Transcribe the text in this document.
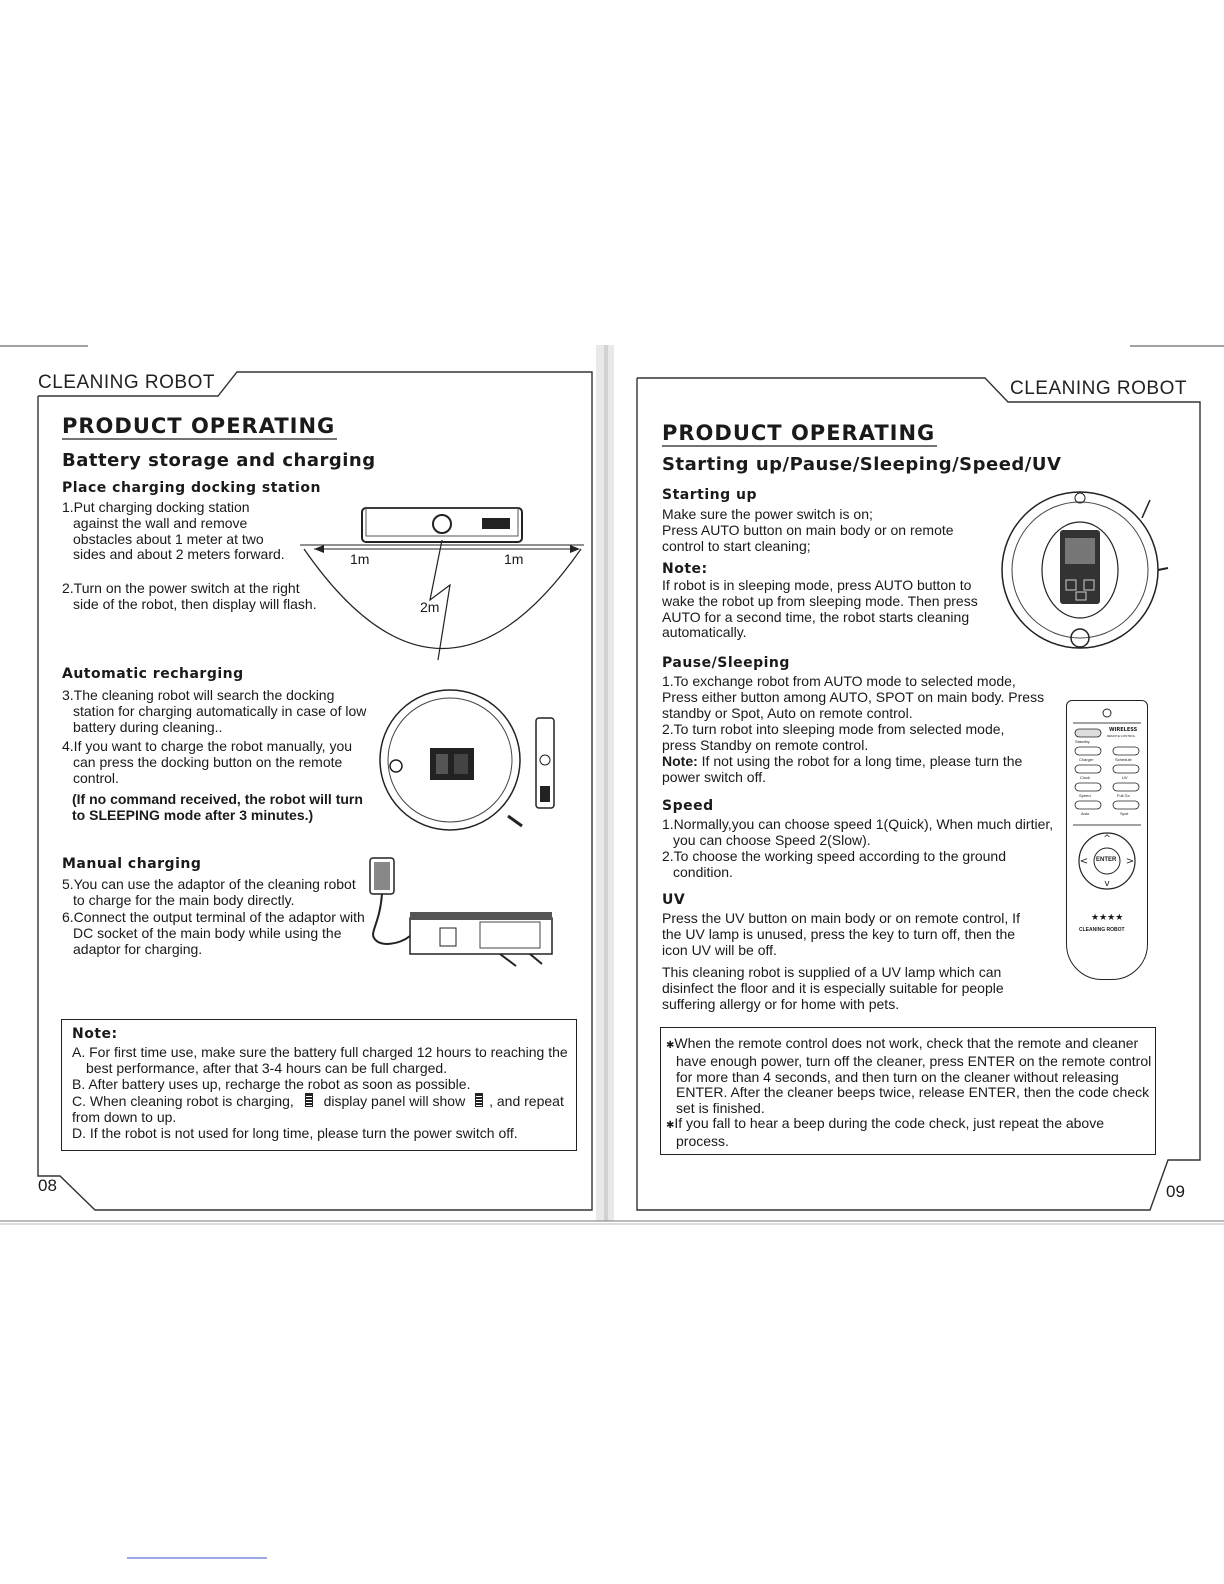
CLEANING ROBOT
PRODUCT OPERATING
Battery storage and charging
Place charging docking station
1.Put charging docking station against the wall and remove obstacles about 1 meter at two sides and about 2 meters forward.
2.Turn on the power switch at the right side of the robot, then display will flash.
1m	1m
2m
Automatic recharging
3.The cleaning robot will search the docking station for charging automatically in case of low battery during cleaning..
4.If you want to charge the robot manually, you can press the docking button on the remote control.
(If no command received, the robot will turn to SLEEPING mode after 3 minutes.)
Manual charging
5.You can use the adaptor of the cleaning robot to charge for the main body directly.
6.Connect the output terminal of the adaptor with DC socket of the main body while using the adaptor for charging.
Note:
A. For first time use, make sure the battery full charged 12 hours to reaching the best performance, after that 3-4 hours can be full charged.
B. After battery uses up, recharge the robot as soon as possible.
C. When cleaning robot is charging, display panel will show , and repeat from down to up.
D. If the robot is not used for long time, please turn the power switch off.
08
CLEANING ROBOT
PRODUCT OPERATING
Starting up/Pause/Sleeping/Speed/UV
Starting up
Make sure the power switch is on;
Press AUTO button on main body or on remote control to start cleaning;
Note:
If robot is in sleeping mode, press AUTO button to wake the robot up from sleeping mode. Then press AUTO for a second time, the robot starts cleaning automatically.
Pause/Sleeping
1.To exchange robot from AUTO mode to selected mode, Press either button among AUTO, SPOT on main body. Press standby or Spot, Auto on remote control.
2.To turn robot into sleeping mode from selected mode, press Standby on remote control.
Note: If not using the robot for a long time, please turn the power switch off.
Speed
1.Normally,you can choose speed 1(Quick), When much dirtier, you can choose Speed 2(Slow).
2.To choose the working speed according to the ground condition.
UV
Press the UV button on main body or on remote control, If the UV lamp is unused, press the key to turn off, then the icon UV will be off.
This cleaning robot is supplied of a UV lamp which can disinfect the floor and it is especially suitable for people suffering allergy or for home with pets.
^
v
<	>
WIRELESS
REMOTE CONTROL
Standby
Charger	Schedule
Clock	UV
Speed	Full Go
Auto	Spot
ENTER
★★★★
CLEANING ROBOT
✱When the remote control does not work, check that the remote and cleaner have enough power, turn off the cleaner, press ENTER on the remote control for more than 4 seconds, and then turn on the cleaner without releasing ENTER. After the cleaner beeps twice, release ENTER, then the code check set is finished.
✱If you fall to hear a beep during the code check, just repeat the above process.
09
